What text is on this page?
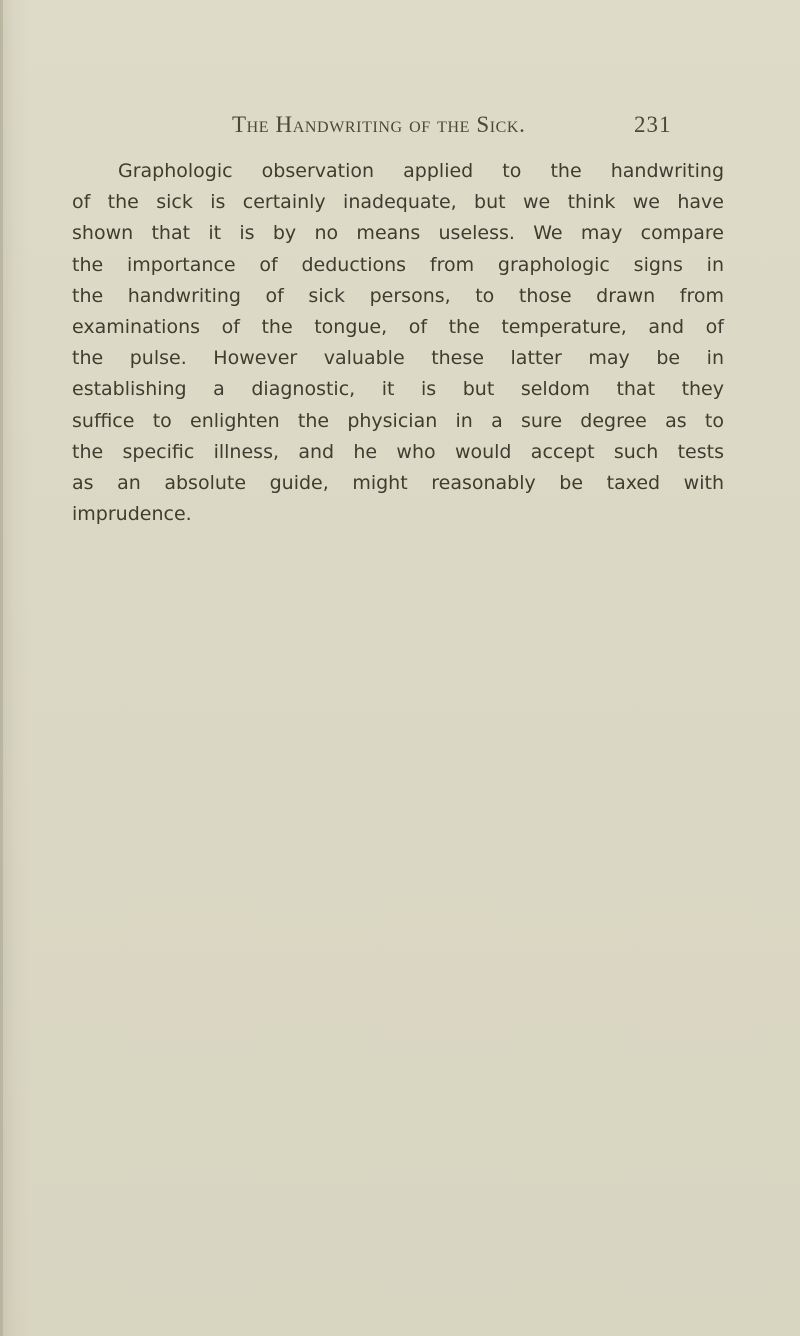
The Handwriting of the Sick.	231
Graphologic observation applied to the handwriting
of the sick is certainly inadequate, but we think we have
shown that it is by no means useless. We may compare
the importance of deductions from graphologic signs in
the handwriting of sick persons, to those drawn from
examinations of the tongue, of the temperature, and of
the pulse. However valuable these latter may be in
establishing a diagnostic, it is but seldom that they
suffice to enlighten the physician in a sure degree as to
the specific illness, and he who would accept such tests
as an absolute guide, might reasonably be taxed with
imprudence.
